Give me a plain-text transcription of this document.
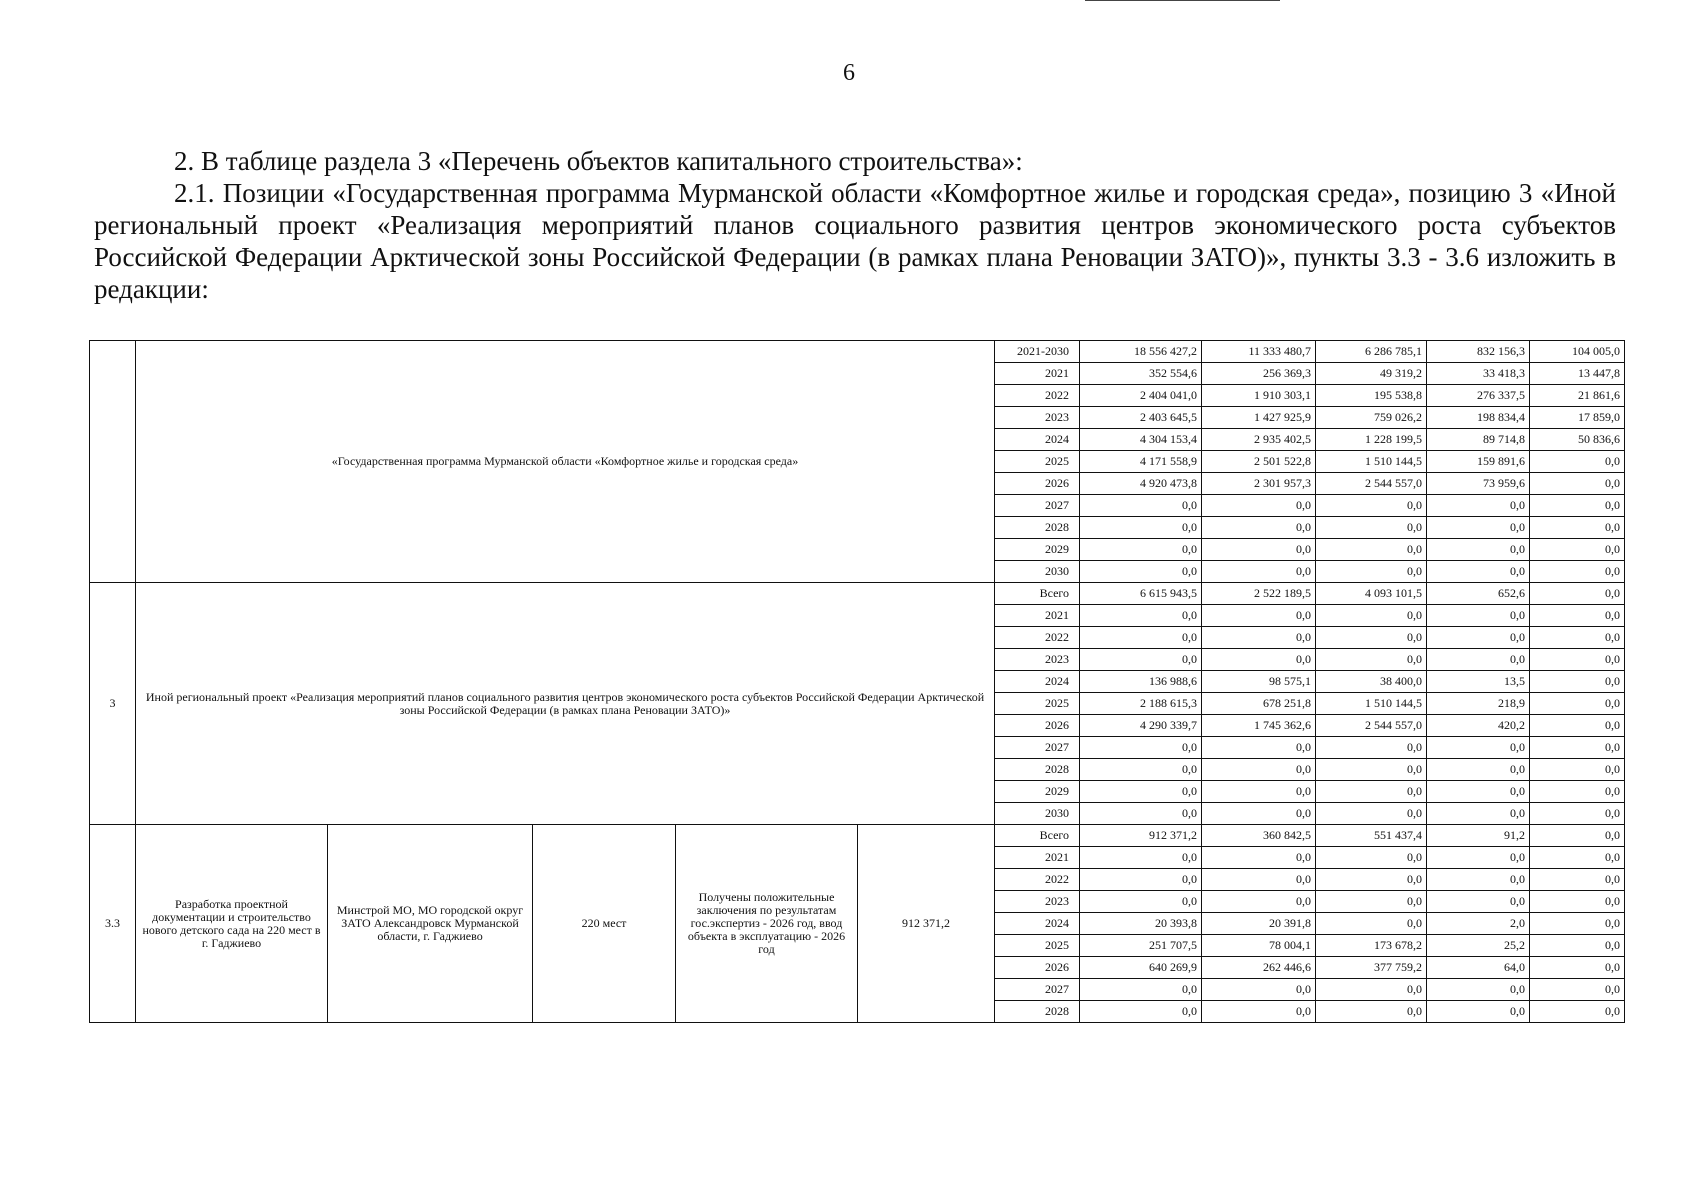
6

2. В таблице раздела 3 «Перечень объектов капитального строительства»:

2.1. Позиции «Государственная программа Мурманской области «Комфортное жилье и городская среда», позицию 3 «Иной региональный проект «Реализация мероприятий планов социального развития центров экономического роста субъектов Российской Федерации Арктической зоны Российской Федерации (в рамках плана Реновации ЗАТО)», пункты 3.3 - 3.6 изложить в редакции:

	«Государственная программа Мурманской области «Комфортное жилье и городская среда»					2021-2030	18 556 427,2	11 333 480,7	6 286 785,1	832 156,3	104 005,0
						2021	352 554,6	256 369,3	49 319,2	33 418,3	13 447,8
						2022	2 404 041,0	1 910 303,1	195 538,8	276 337,5	21 861,6
						2023	2 403 645,5	1 427 925,9	759 026,2	198 834,4	17 859,0
						2024	4 304 153,4	2 935 402,5	1 228 199,5	89 714,8	50 836,6
						2025	4 171 558,9	2 501 522,8	1 510 144,5	159 891,6	0,0
						2026	4 920 473,8	2 301 957,3	2 544 557,0	73 959,6	0,0
						2027	0,0	0,0	0,0	0,0	0,0
						2028	0,0	0,0	0,0	0,0	0,0
						2029	0,0	0,0	0,0	0,0	0,0
						2030	0,0	0,0	0,0	0,0	0,0
3	Иной региональный проект «Реализация мероприятий планов социального развития центров экономического роста субъектов Российской Федерации Арктической зоны Российской Федерации (в рамках плана Реновации ЗАТО)»					Всего	6 615 943,5	2 522 189,5	4 093 101,5	652,6	0,0
						2021	0,0	0,0	0,0	0,0	0,0
						2022	0,0	0,0	0,0	0,0	0,0
						2023	0,0	0,0	0,0	0,0	0,0
						2024	136 988,6	98 575,1	38 400,0	13,5	0,0
						2025	2 188 615,3	678 251,8	1 510 144,5	218,9	0,0
						2026	4 290 339,7	1 745 362,6	2 544 557,0	420,2	0,0
						2027	0,0	0,0	0,0	0,0	0,0
						2028	0,0	0,0	0,0	0,0	0,0
						2029	0,0	0,0	0,0	0,0	0,0
						2030	0,0	0,0	0,0	0,0	0,0
3.3	Разработка проектной документации и строительство нового детского сада на 220 мест в г. Гаджиево	Минстрой МО, МО городской округ ЗАТО Александровск Мурманской области, г. Гаджиево	220 мест	Получены положительные заключения по результатам гос.экспертиз - 2026 год, ввод объекта в эксплуатацию - 2026 год	912 371,2	Всего	912 371,2	360 842,5	551 437,4	91,2	0,0
						2021	0,0	0,0	0,0	0,0	0,0
						2022	0,0	0,0	0,0	0,0	0,0
						2023	0,0	0,0	0,0	0,0	0,0
						2024	20 393,8	20 391,8	0,0	2,0	0,0
						2025	251 707,5	78 004,1	173 678,2	25,2	0,0
						2026	640 269,9	262 446,6	377 759,2	64,0	0,0
						2027	0,0	0,0	0,0	0,0	0,0
						2028	0,0	0,0	0,0	0,0	0,0
